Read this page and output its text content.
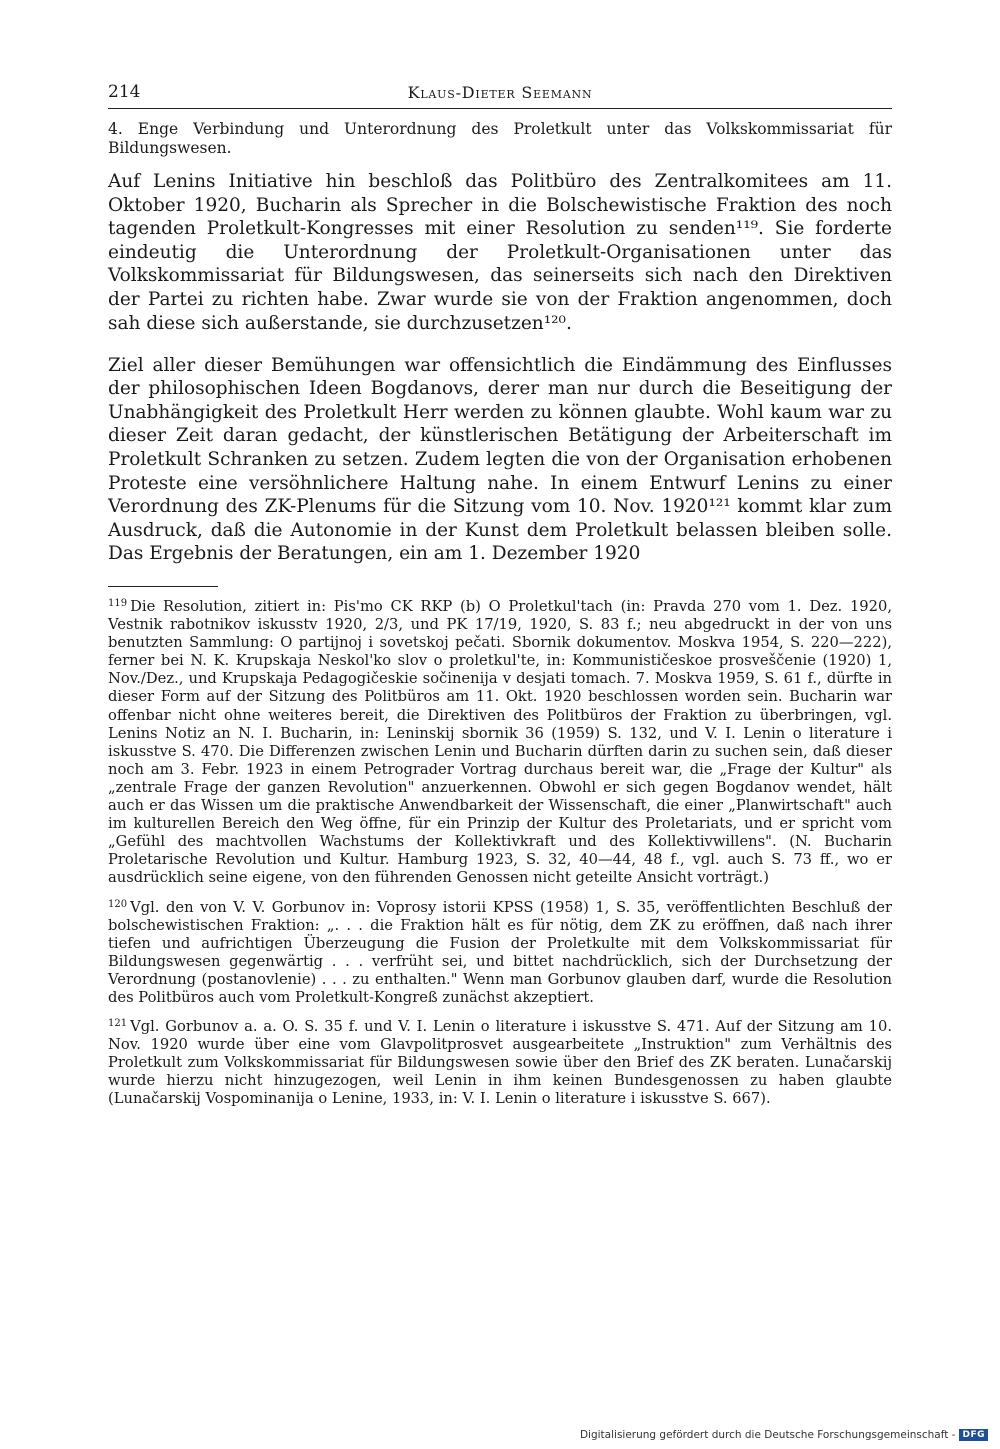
214	Klaus-Dieter Seemann
4. Enge Verbindung und Unterordnung des Proletkult unter das Volkskommissariat für Bildungswesen.

Auf Lenins Initiative hin beschloß das Politbüro des Zentralkomitees am 11. Oktober 1920, Bucharin als Sprecher in die Bolschewistische Fraktion des noch tagenden Proletkult-Kongresses mit einer Resolution zu senden¹¹⁹. Sie forderte eindeutig die Unterordnung der Proletkult-Organisationen unter das Volkskommissariat für Bildungswesen, das seinerseits sich nach den Direktiven der Partei zu richten habe. Zwar wurde sie von der Fraktion angenommen, doch sah diese sich außerstande, sie durchzusetzen¹²⁰.

Ziel aller dieser Bemühungen war offensichtlich die Eindämmung des Einflusses der philosophischen Ideen Bogdanovs, derer man nur durch die Beseitigung der Unabhängigkeit des Proletkult Herr werden zu können glaubte. Wohl kaum war zu dieser Zeit daran gedacht, der künstlerischen Betätigung der Arbeiterschaft im Proletkult Schranken zu setzen. Zudem legten die von der Organisation erhobenen Proteste eine versöhnlichere Haltung nahe. In einem Entwurf Lenins zu einer Verordnung des ZK-Plenums für die Sitzung vom 10. Nov. 1920¹²¹ kommt klar zum Ausdruck, daß die Autonomie in der Kunst dem Proletkult belassen bleiben solle. Das Ergebnis der Beratungen, ein am 1. Dezember 1920

$^{119}$ Die Resolution, zitiert in: Pis'mo CK RKP (b) O Proletkul'tach (in: Pravda 270 vom 1. Dez. 1920, Vestnik rabotnikov iskusstv 1920, 2/3, und PK 17/19, 1920, S. 83 f.; neu abgedruckt in der von uns benutzten Sammlung: O partijnoj i sovetskoj pečati. Sbornik dokumentov. Moskva 1954, S. 220—222), ferner bei N. K. Krupskaja Neskol'ko slov o proletkul'te, in: Kommunističeskoe prosveščenie (1920) 1, Nov./Dez., und Krupskaja Pedagogičeskie sočinenija v desjati tomach. 7. Moskva 1959, S. 61 f., dürfte in dieser Form auf der Sitzung des Politbüros am 11. Okt. 1920 beschlossen worden sein. Bucharin war offenbar nicht ohne weiteres bereit, die Direktiven des Politbüros der Fraktion zu überbringen, vgl. Lenins Notiz an N. I. Bucharin, in: Leninskij sbornik 36 (1959) S. 132, und V. I. Lenin o literature i iskusstve S. 470. Die Differenzen zwischen Lenin und Bucharin dürften darin zu suchen sein, daß dieser noch am 3. Febr. 1923 in einem Petrograder Vortrag durchaus bereit war, die „Frage der Kultur" als „zentrale Frage der ganzen Revolution" anzuerkennen. Obwohl er sich gegen Bogdanov wendet, hält auch er das Wissen um die praktische Anwendbarkeit der Wissenschaft, die einer „Planwirtschaft" auch im kulturellen Bereich den Weg öffne, für ein Prinzip der Kultur des Proletariats, und er spricht vom „Gefühl des machtvollen Wachstums der Kollektivkraft und des Kollektivwillens". (N. Bucharin Proletarische Revolution und Kultur. Hamburg 1923, S. 32, 40—44, 48 f., vgl. auch S. 73 ff., wo er ausdrücklich seine eigene, von den führenden Genossen nicht geteilte Ansicht vorträgt.)
$^{120}$ Vgl. den von V. V. Gorbunov in: Voprosy istorii KPSS (1958) 1, S. 35, veröffentlichten Beschluß der bolschewistischen Fraktion: „. . . die Fraktion hält es für nötig, dem ZK zu eröffnen, daß nach ihrer tiefen und aufrichtigen Überzeugung die Fusion der Proletkulte mit dem Volkskommissariat für Bildungswesen gegenwärtig . . . verfrüht sei, und bittet nachdrücklich, sich der Durchsetzung der Verordnung (postanovlenie) . . . zu enthalten." Wenn man Gorbunov glauben darf, wurde die Resolution des Politbüros auch vom Proletkult-Kongreß zunächst akzeptiert.
$^{121}$ Vgl. Gorbunov a. a. O. S. 35 f. und V. I. Lenin o literature i iskusstve S. 471. Auf der Sitzung am 10. Nov. 1920 wurde über eine vom Glavpolitprosvet ausgearbeitete „Instruktion" zum Verhältnis des Proletkult zum Volkskommissariat für Bildungswesen sowie über den Brief des ZK beraten. Lunačarskij wurde hierzu nicht hinzugezogen, weil Lenin in ihm keinen Bundesgenossen zu haben glaubte (Lunačarskij Vospominanija o Lenine, 1933, in: V. I. Lenin o literature i iskusstve S. 667).
Digitalisierung gefördert durch die Deutsche Forschungsgemeinschaft - DFG
